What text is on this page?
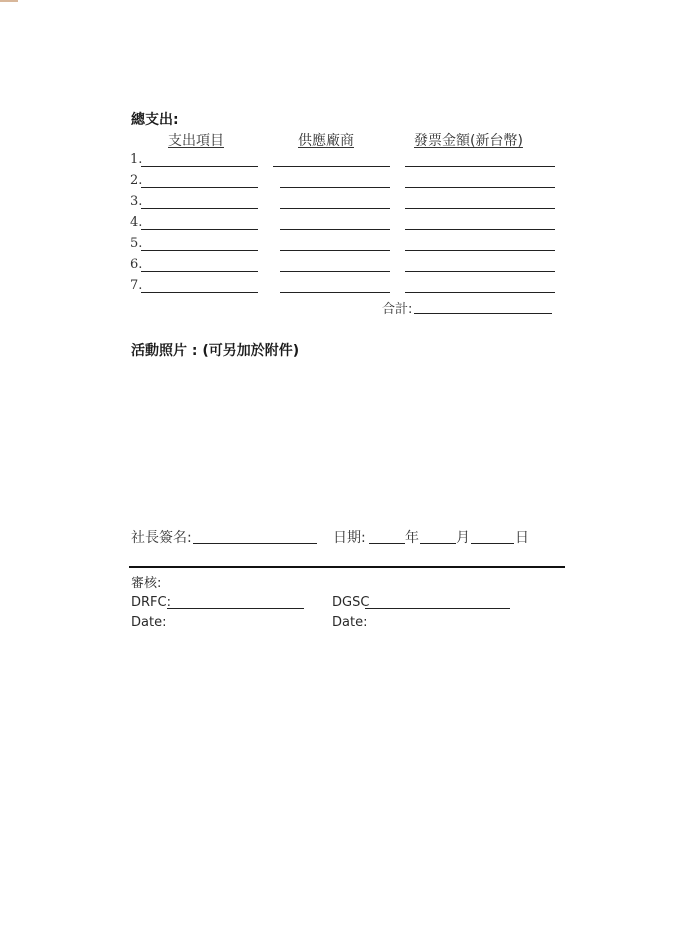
總支出:
支出項目	供應廠商	發票金額(新台幣)
1.
2.
3.
4.
5.
6.
7.
合計:
活動照片 : (可另加於附件)
社長簽名:	日期:	年	月	日
審核:
DRFC:	DGSC
Date:	Date:
